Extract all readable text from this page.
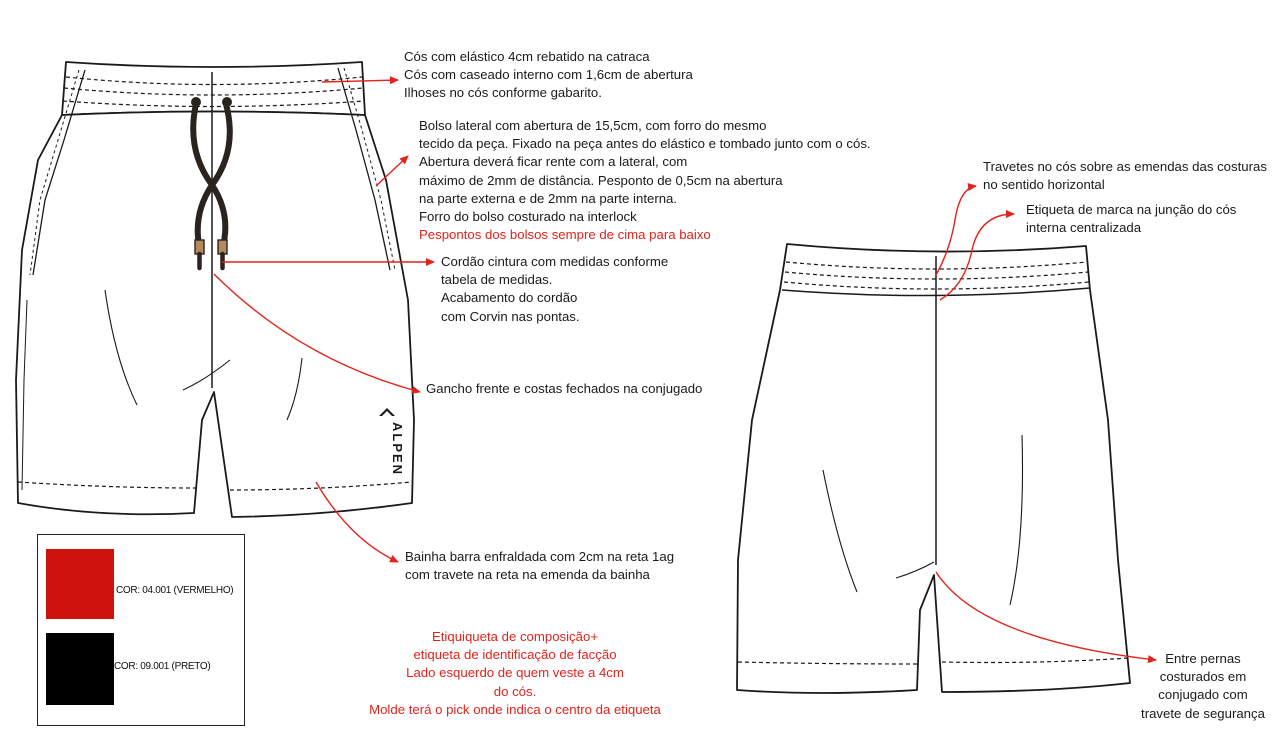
ALPEN
Cós com elástico 4cm rebatido na catraca
Cós com caseado interno com 1,6cm de abertura
Ilhoses no cós conforme gabarito.
Bolso lateral com abertura de 15,5cm, com forro do mesmo
tecido da peça. Fixado na peça antes do elástico e tombado junto com o cós.
Abertura deverá ficar rente com a lateral, com
máximo de 2mm de distância. Pesponto de 0,5cm na abertura
na parte externa e de 2mm na parte interna.
Forro do bolso costurado na interlock
Pespontos dos bolsos sempre de cima para baixo
Cordão cintura com medidas conforme
tabela de medidas.
Acabamento do cordão
com Corvin nas pontas.
Gancho frente e costas fechados na conjugado
Bainha barra enfraldada com 2cm na reta 1ag
com travete na reta na emenda da bainha
Travetes no cós sobre as emendas das costuras
no sentido horizontal
Etiqueta de marca na junção do cós
interna centralizada
Entre pernas
costurados em
conjugado com
travete de segurança
Etiquiqueta de composição+
etiqueta de identificação de facção
Lado esquerdo de quem veste a 4cm
do cós.
Molde terá o pick onde indica o centro da etiqueta
COR: 04.001 (VERMELHO)
COR: 09.001 (PRETO)
